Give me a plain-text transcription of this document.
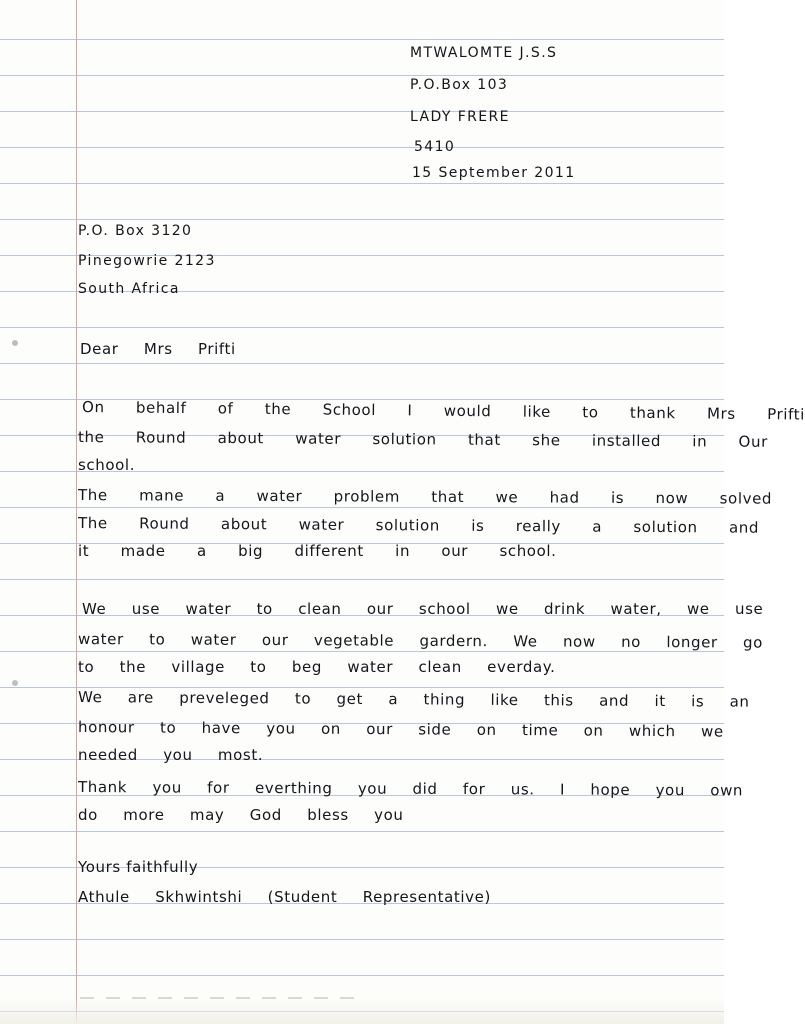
MTWALOMTE J.S.S
P.O.Box 103
LADY FRERE
5410
15 September 2011
P.O. Box 3120
Pinegowrie 2123
South Africa
Dear Mrs Prifti
On behalf of the School I would like to thank Mrs Prifti
the Round about water solution that she installed in Our
school.
The mane a water problem that we had is now solved
The Round about water solution is really a solution and
it made a big different in our school.
We use water to clean our school we drink water, we use
water to water our vegetable gardern. We now no longer go
to the village to beg water clean everday.
We are preveleged to get a thing like this and it is an
honour to have you on our side on time on which we
needed you most.
Thank you for everthing you did for us. I hope you own
do more may God bless you
Yours faithfully
Athule Skhwintshi (Student Representative)
